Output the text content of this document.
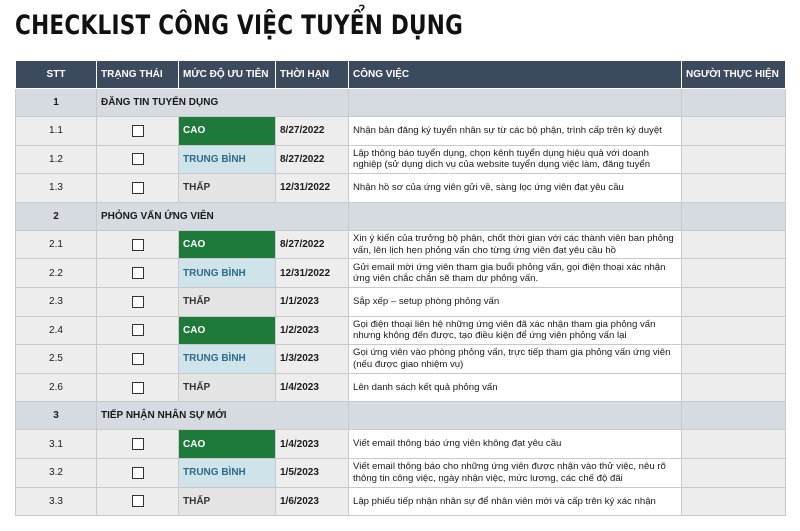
CHECKLIST CÔNG VIỆC TUYỂN DỤNG
STT	TRẠNG THÁI	MỨC ĐỘ ƯU TIÊN	THỜI HẠN	CÔNG VIỆC	NGƯỜI THỰC HIỆN
1	ĐĂNG TIN TUYỂN DỤNG				
1.1		CAO	8/27/2022	Nhận bản đăng ký tuyển nhân sự từ các bộ phận, trình cấp trên ký duyệt	

1.2		TRUNG BÌNH	8/27/2022	Lập thông báo tuyển dụng, chọn kênh tuyển dụng hiệu quả với doanh nghiệp (sử dụng dịch vụ của website tuyển dụng việc làm, đăng tuyển	

1.3		THẤP	12/31/2022	Nhận hồ sơ của ứng viên gửi về, sàng lọc ứng viên đạt yêu cầu	

2	PHỎNG VẤN ỨNG VIÊN				
2.1		CAO	8/27/2022	Xin ý kiến của trưởng bộ phận, chốt thời gian với các thành viên ban phỏng vấn, lên lịch hẹn phỏng vấn cho từng ứng viên đạt yêu cầu hồ	

2.2		TRUNG BÌNH	12/31/2022	Gửi email mời ứng viên tham gia buổi phỏng vấn, gọi điện thoại xác nhận ứng viên chắc chắn sẽ tham dự phỏng vấn.	

2.3		THẤP	1/1/2023	Sắp xếp – setup phòng phỏng vấn	

2.4		CAO	1/2/2023	Gọi điện thoại liên hệ những ứng viên đã xác nhận tham gia phỏng vấn nhưng không đến được, tạo điều kiện để ứng viên phỏng vấn lại	

2.5		TRUNG BÌNH	1/3/2023	Gọi ứng viên vào phòng phỏng vấn, trực tiếp tham gia phỏng vấn ứng viên (nếu được giao nhiệm vụ)	

2.6		THẤP	1/4/2023	Lên danh sách kết quả phỏng vấn	

3	TIẾP NHẬN NHÂN SỰ MỚI				
3.1		CAO	1/4/2023	Viết email thông báo ứng viên không đạt yêu cầu	

3.2		TRUNG BÌNH	1/5/2023	Viết email thông báo cho những ứng viên được nhận vào thử việc, nêu rõ thông tin công việc, ngày nhận việc, mức lương, các chế độ đãi	

3.3		THẤP	1/6/2023	Lập phiếu tiếp nhận nhân sự để nhân viên mới và cấp trên ký xác nhận	
